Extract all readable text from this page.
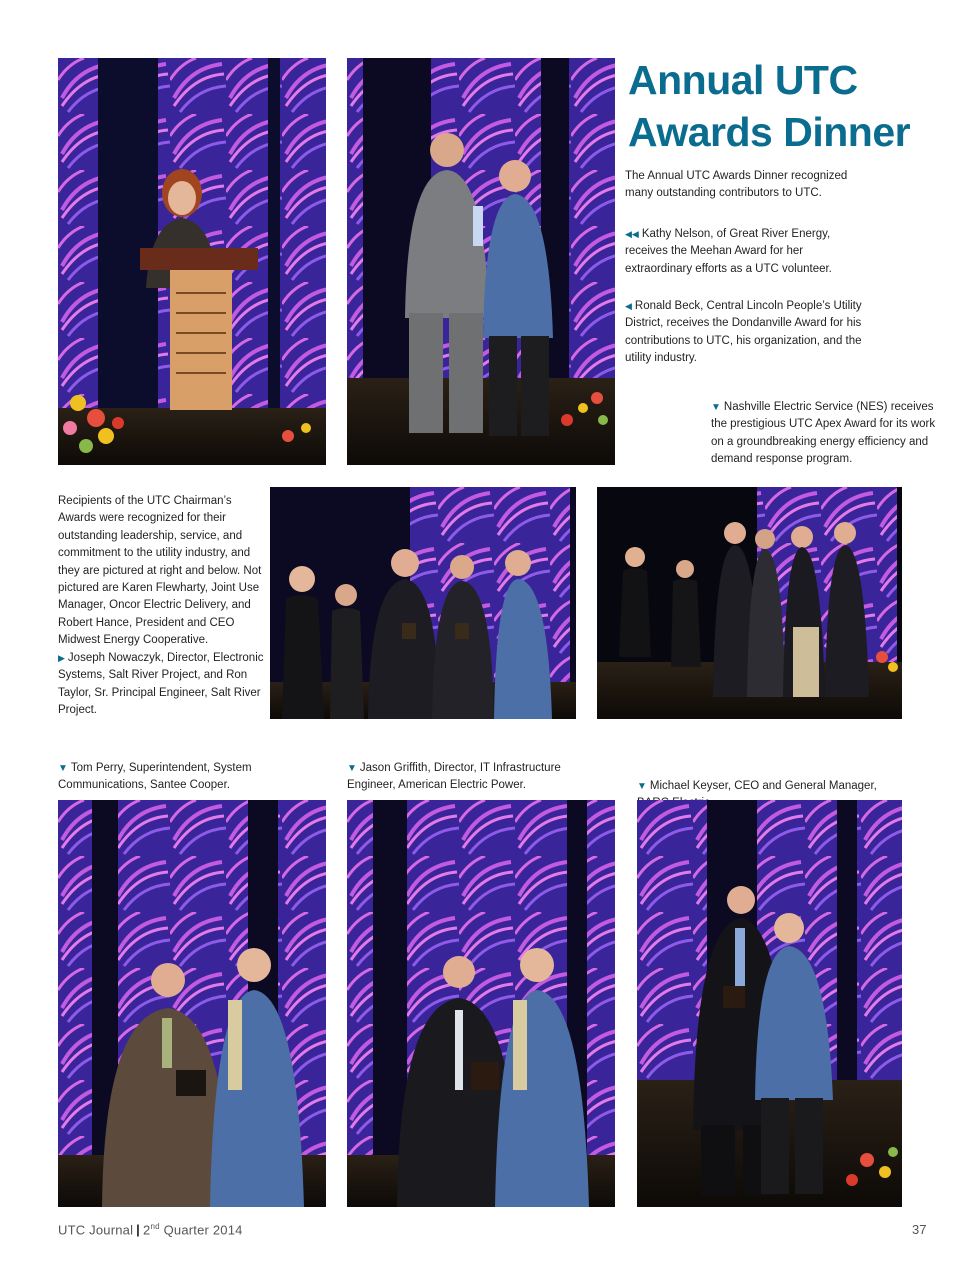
Annual UTC
Awards Dinner

The Annual UTC Awards Dinner recognized many outstanding contributors to UTC.

◀◀ Kathy Nelson, of Great River Energy, receives the Meehan Award for her extraordinary efforts as a UTC volunteer.

◀ Ronald Beck, Central Lincoln People’s Utility District, receives the Dondanville Award for his contributions to UTC, his organization, and the utility industry.

▼ Nashville Electric Service (NES) receives the prestigious UTC Apex Award for its work on a groundbreaking energy efficiency and demand response program.

Recipients of the UTC Chairman’s Awards were recognized for their outstanding leadership, service, and commitment to the utility industry, and they are pictured at right and below. Not pictured are Karen Flewharty, Joint Use Manager, Oncor Electric Delivery, and Robert Hance, President and CEO Midwest Energy Cooperative.

▶ Joseph Nowaczyk, Director, Electronic Systems, Salt River Project, and Ron Taylor, Sr. Principal Engineer, Salt River Project.

▼ Tom Perry, Superintendent, System Communications, Santee Cooper.

▼ Jason Griffith, Director, IT Infrastructure Engineer, American Electric Power.	▼ Michael Keyser, CEO and General Manager,

UTC Journal | 2nd Quarter 2014	37
